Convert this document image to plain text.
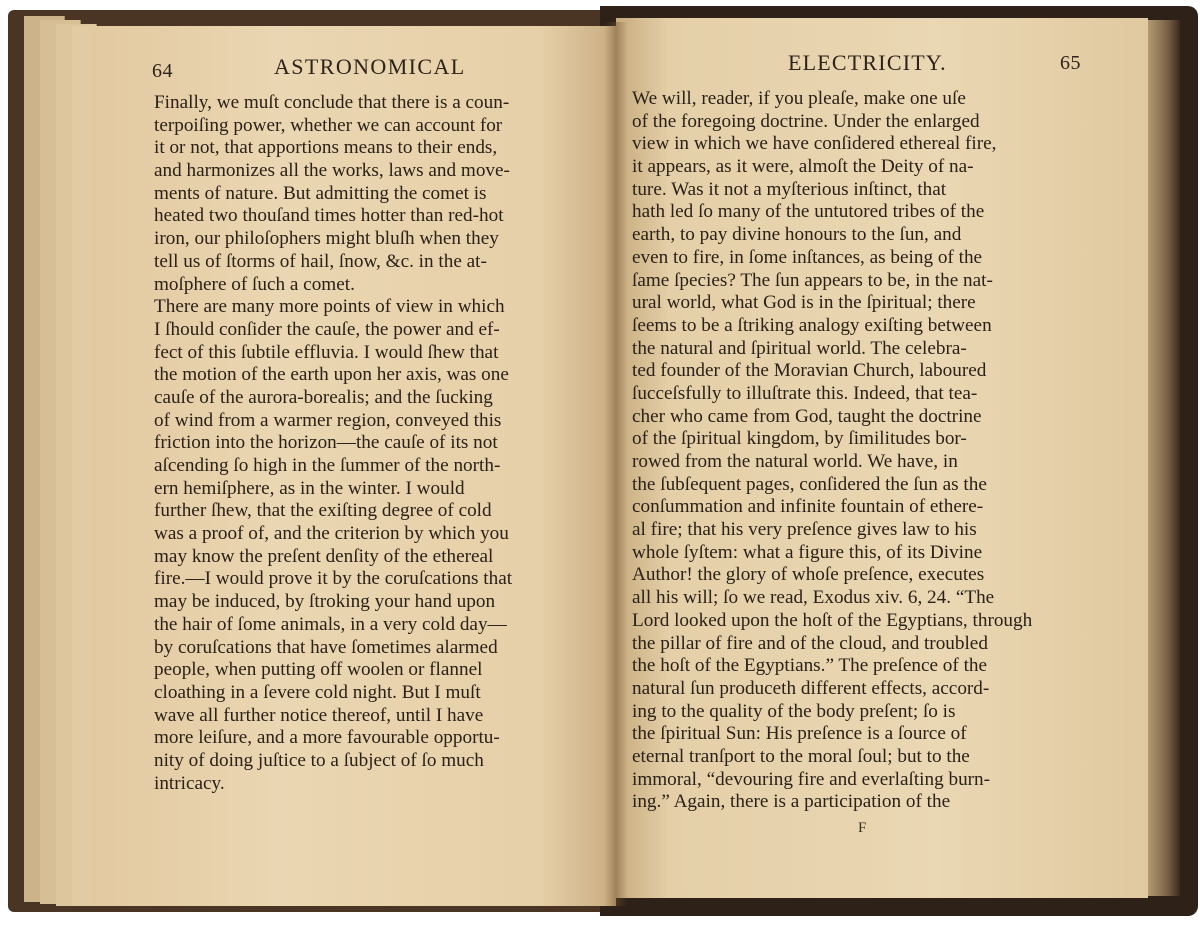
64	ASTRONOMICAL
Finally, we muſt conclude that there is a coun-
terpoiſing power, whether we can account for
it or not, that apportions means to their ends,
and harmonizes all the works, laws and move-
ments of nature. But admitting the comet is
heated two thouſand times hotter than red-hot
iron, our philoſophers might bluſh when they
tell us of ſtorms of hail, ſnow, &c. in the at-
moſphere of ſuch a comet.
There are many more points of view in which
I ſhould conſider the cauſe, the power and ef-
fect of this ſubtile effluvia. I would ſhew that
the motion of the earth upon her axis, was one
cauſe of the aurora-borealis; and the ſucking
of wind from a warmer region, conveyed this
friction into the horizon—the cauſe of its not
aſcending ſo high in the ſummer of the north-
ern hemiſphere, as in the winter. I would
further ſhew, that the exiſting degree of cold
was a proof of, and the criterion by which you
may know the preſent denſity of the ethereal
fire.—I would prove it by the coruſcations that
may be induced, by ſtroking your hand upon
the hair of ſome animals, in a very cold day—
by coruſcations that have ſometimes alarmed
people, when putting off woolen or flannel
cloathing in a ſevere cold night. But I muſt
wave all further notice thereof, until I have
more leiſure, and a more favourable opportu-
nity of doing juſtice to a ſubject of ſo much
intricacy.
ELECTRICITY.	65
We will, reader, if you pleaſe, make one uſe
of the foregoing doctrine. Under the enlarged
view in which we have conſidered ethereal fire,
it appears, as it were, almoſt the Deity of na-
ture. Was it not a myſterious inſtinct, that
hath led ſo many of the untutored tribes of the
earth, to pay divine honours to the ſun, and
even to fire, in ſome inſtances, as being of the
ſame ſpecies? The ſun appears to be, in the nat-
ural world, what God is in the ſpiritual; there
ſeems to be a ſtriking analogy exiſting between
the natural and ſpiritual world. The celebra-
ted founder of the Moravian Church, laboured
ſucceſsfully to illuſtrate this. Indeed, that tea-
cher who came from God, taught the doctrine
of the ſpiritual kingdom, by ſimilitudes bor-
rowed from the natural world. We have, in
the ſubſequent pages, conſidered the ſun as the
conſummation and infinite fountain of ethere-
al fire; that his very preſence gives law to his
whole ſyſtem: what a figure this, of its Divine
Author! the glory of whoſe preſence, executes
all his will; ſo we read, Exodus xiv. 6, 24. “The
Lord looked upon the hoſt of the Egyptians, through
the pillar of fire and of the cloud, and troubled
the hoſt of the Egyptians.” The preſence of the
natural ſun produceth different effects, accord-
ing to the quality of the body preſent; ſo is
the ſpiritual Sun: His preſence is a ſource of
eternal tranſport to the moral ſoul; but to the
immoral, “devouring fire and everlaſting burn-
ing.” Again, there is a participation of the
F
